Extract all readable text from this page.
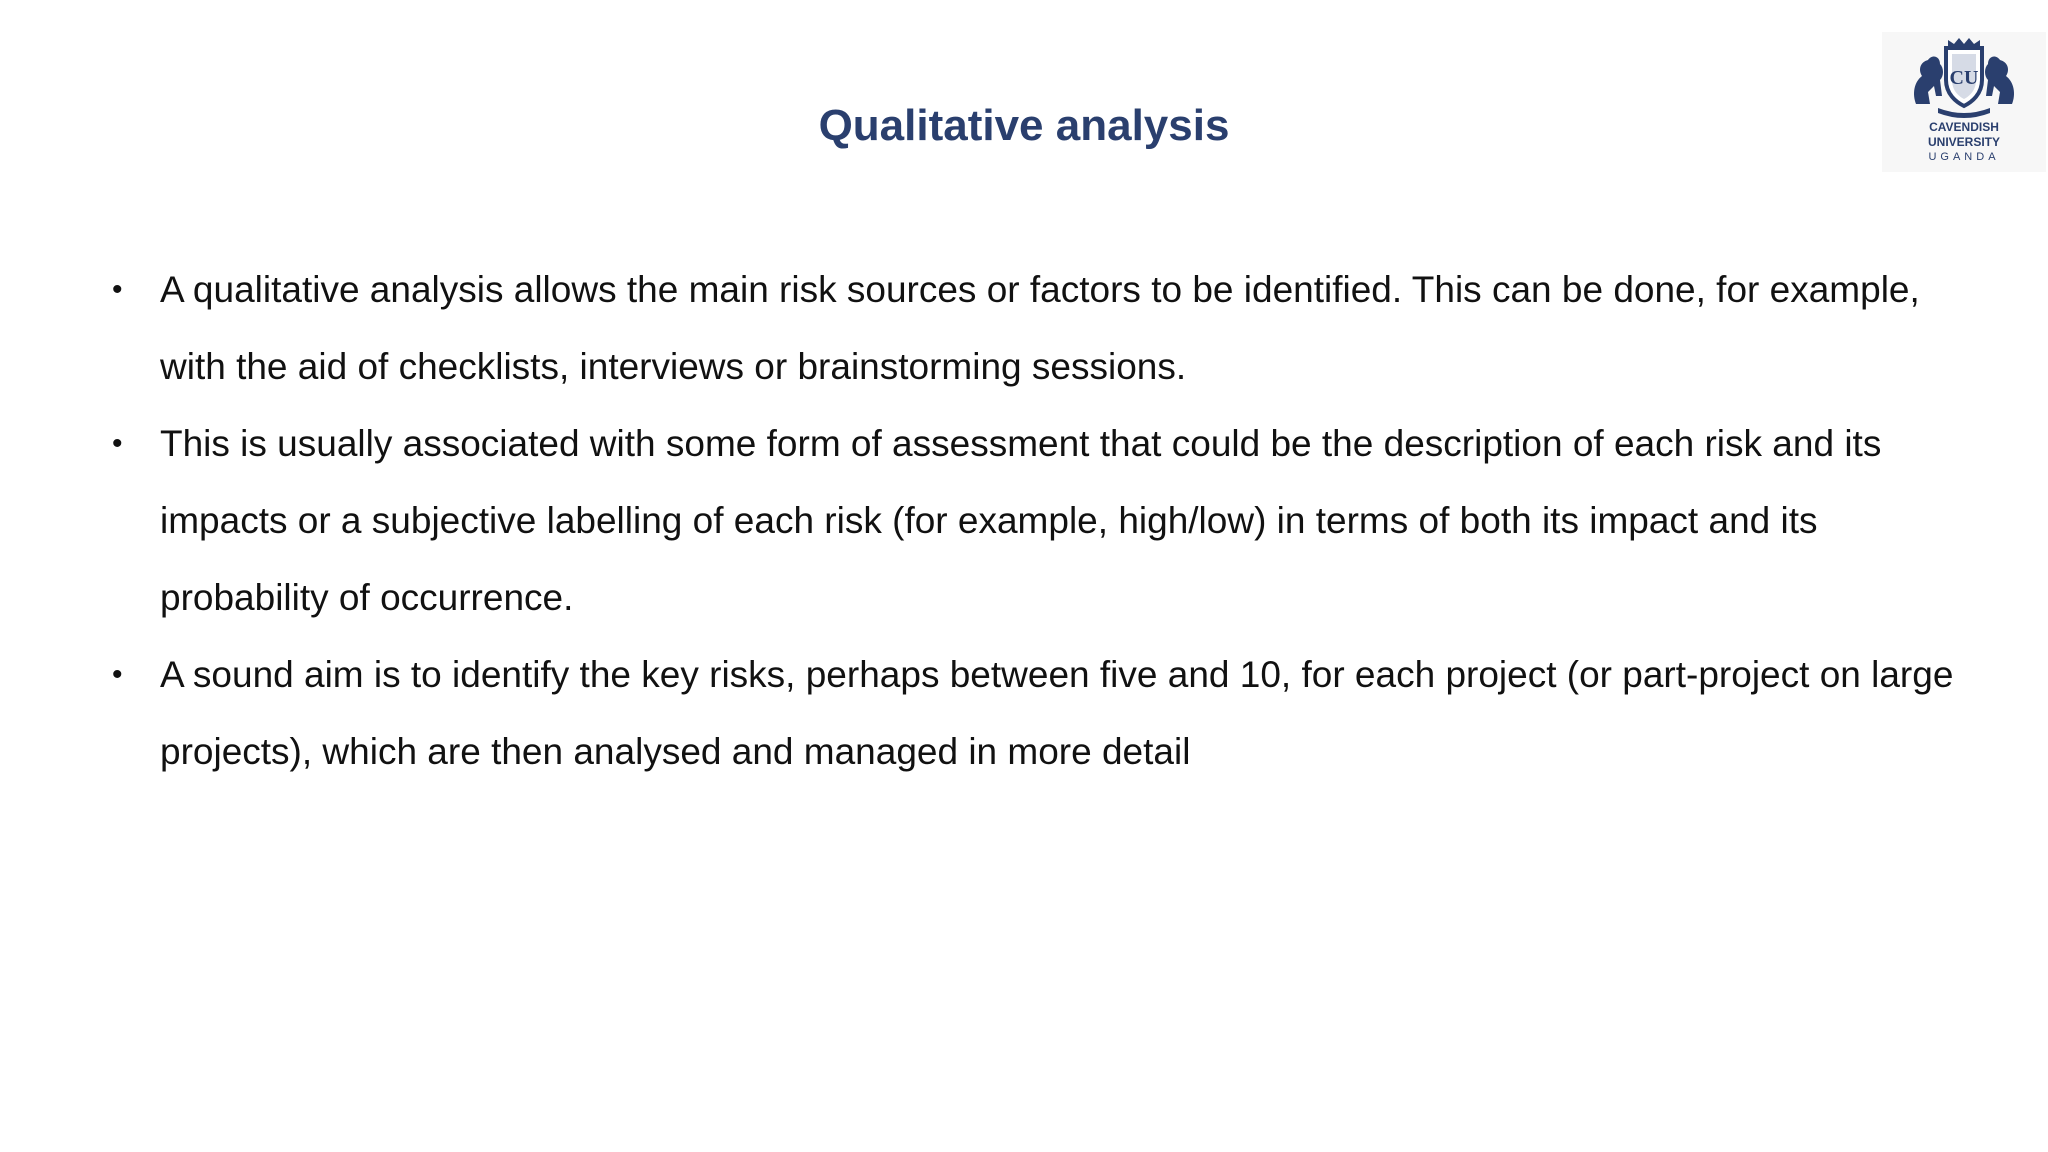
Qualitative analysis
CU
CAVENDISH
UNIVERSITY
UGANDA
• A qualitative analysis allows the main risk sources or factors to be identified. This can be done, for example, with the aid of checklists, interviews or brainstorming sessions.
• This is usually associated with some form of assessment that could be the description of each risk and its impacts or a subjective labelling of each risk (for example, high/low) in terms of both its impact and its probability of occurrence.
• A sound aim is to identify the key risks, perhaps between five and 10, for each project (or part-project on large projects), which are then analysed and managed in more detail
